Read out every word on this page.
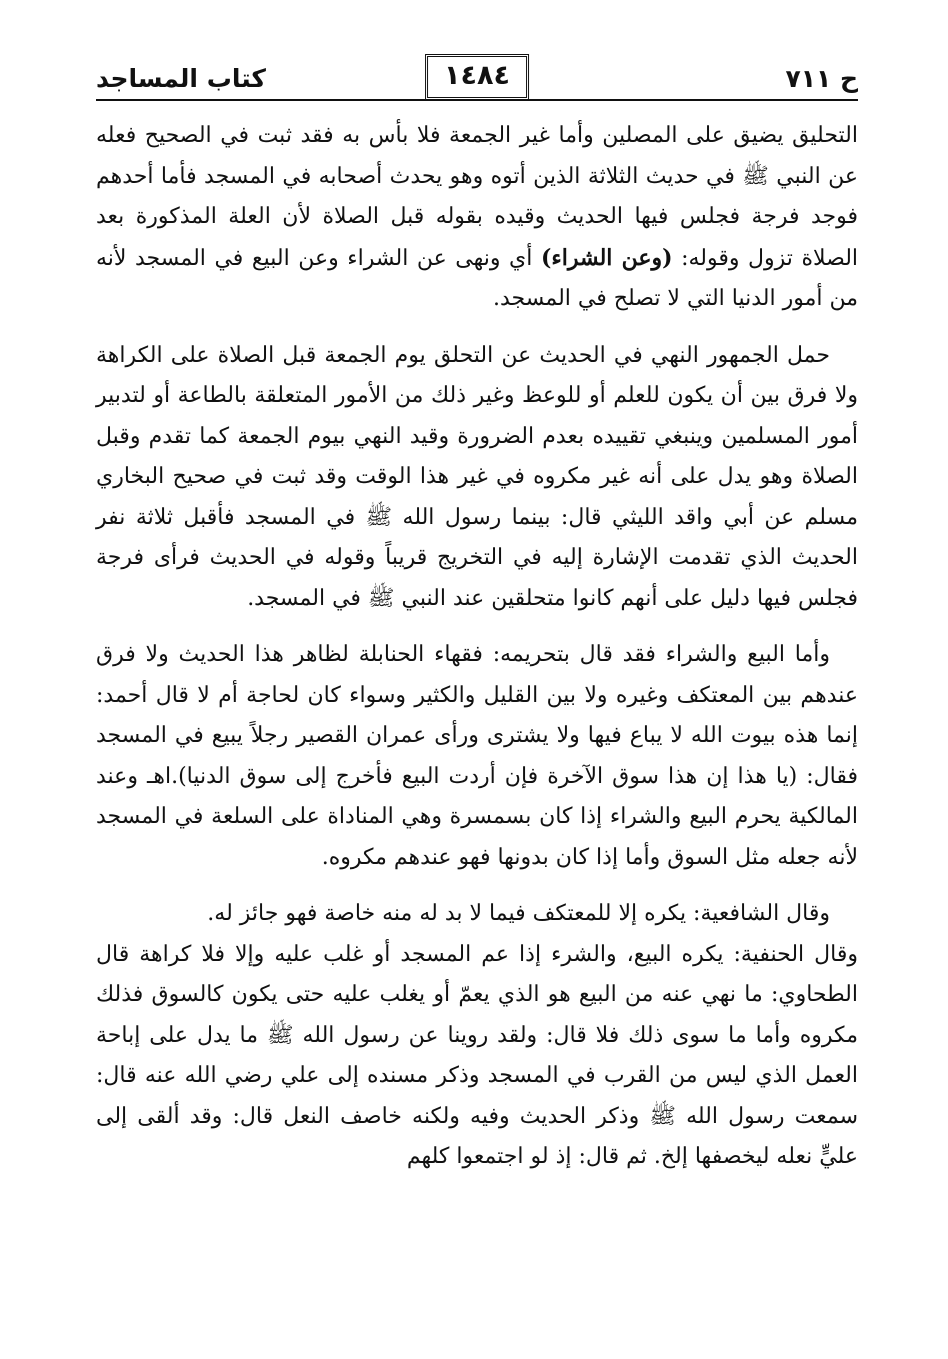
ح ٧١١
١٤٨٤
كتاب المساجد

التحليق يضيق على المصلين وأما غير الجمعة فلا بأس به فقد ثبت في الصحيح فعله عن النبي ﷺ في حديث الثلاثة الذين أتوه وهو يحدث أصحابه في المسجد فأما أحدهم فوجد فرجة فجلس فيها الحديث وقيده بقوله قبل الصلاة لأن العلة المذكورة بعد الصلاة تزول وقوله: (وعن الشراء) أي ونهى عن الشراء وعن البيع في المسجد لأنه من أمور الدنيا التي لا تصلح في المسجد.

حمل الجمهور النهي في الحديث عن التحلق يوم الجمعة قبل الصلاة على الكراهة ولا فرق بين أن يكون للعلم أو للوعظ وغير ذلك من الأمور المتعلقة بالطاعة أو لتدبير أمور المسلمين وينبغي تقييده بعدم الضرورة وقيد النهي بيوم الجمعة كما تقدم وقبل الصلاة وهو يدل على أنه غير مكروه في غير هذا الوقت وقد ثبت في صحيح البخاري مسلم عن أبي واقد الليثي قال: بينما رسول الله ﷺ في المسجد فأقبل ثلاثة نفر الحديث الذي تقدمت الإشارة إليه في التخريج قريباً وقوله في الحديث فرأى فرجة فجلس فيها دليل على أنهم كانوا متحلقين عند النبي ﷺ في المسجد.

وأما البيع والشراء فقد قال بتحريمه: فقهاء الحنابلة لظاهر هذا الحديث ولا فرق عندهم بين المعتكف وغيره ولا بين القليل والكثير وسواء كان لحاجة أم لا قال أحمد: إنما هذه بيوت الله لا يباع فيها ولا يشترى ورأى عمران القصير رجلاً يبيع في المسجد فقال: (يا هذا إن هذا سوق الآخرة فإن أردت البيع فأخرج إلى سوق الدنيا).اهـ وعند المالكية يحرم البيع والشراء إذا كان بسمسرة وهي المناداة على السلعة في المسجد لأنه جعله مثل السوق وأما إذا كان بدونها فهو عندهم مكروه.

وقال الشافعية: يكره إلا للمعتكف فيما لا بد له منه خاصة فهو جائز له.

وقال الحنفية: يكره البيع، والشرء إذا عم المسجد أو غلب عليه وإلا فلا كراهة قال الطحاوي: ما نهي عنه من البيع هو الذي يعمّ أو يغلب عليه حتى يكون كالسوق فذلك مكروه وأما ما سوى ذلك فلا قال: ولقد روينا عن رسول الله ﷺ ما يدل على إباحة العمل الذي ليس من القرب في المسجد وذكر مسنده إلى علي رضي الله عنه قال: سمعت رسول الله ﷺ وذكر الحديث وفيه ولكنه خاصف النعل قال: وقد ألقى إلى عليٍّ نعله ليخصفها إلخ. ثم قال: إذ لو اجتمعوا كلهم
